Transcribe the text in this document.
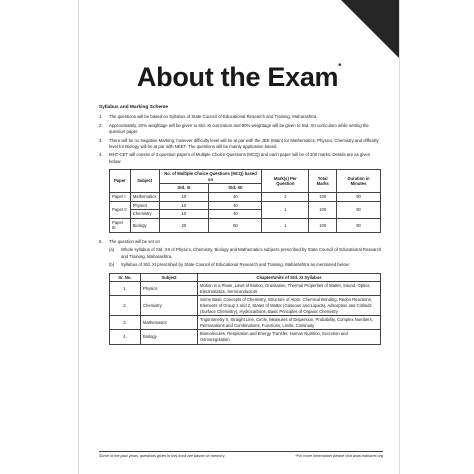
About the Exam*
Syllabus and Marking Scheme
1.	The questions will be based on Syllabus of State Council of Educational Research and Training, Maharashtra.
2.	Approximately, 20% weightage will be given to Std. XI curriculum and 80% weightage will be given to Std. XII curriculum while setting the question paper.
3.	There will be no Negative Marking, however difficulty level will be at par with the JEE (Main) for Mathematics, Physics, Chemistry and difficulty level for Biology will be at par with NEET. The questions will be mainly application based.
4.	MHT-CET will consist of 3 question papers of Multiple Choice Questions (MCQ) and each paper will be of 100 marks. Details are as given below:
Paper	Subject	No. of Multiple Choice Questions (MCQ) based on		Mark(s) Per Question	Total Marks	Duration in Minutes
		Std. XI	Std. XII			
Paper I	Mathematics	10	40	2	100	90
Paper II	Physics	10	40	1	100	90
	Chemistry	10	40			
Paper III	Biology	20	80	1	100	90
5.	The question will be set on
(a)	Whole syllabus of Std. XII of Physics, Chemistry, Biology and Mathematics subjects prescribed by State Council of Educational Research and Training, Maharashtra.
(b)	Syllabus of Std. XI prescribed by State Council of Educational Research and Training, Maharashtra as mentioned below:
Sr. No.	Subject	Chapter/Units of Std. XI Syllabus
1.	Physics	Motion in a Plane, Laws of Motion, Gravitation, Thermal Properties of Matter, Sound, Optics, Electrostatics, Semiconductors
2.	Chemistry	Some Basic Concepts of Chemistry, Structure of Atom, Chemical Bonding, Redox Reactions, Elements of Group 1 and 2, States of Matter (Gaseous and Liquids), Adsorption and Colloids (Surface Chemistry), Hydrocarbons, Basic Principles of Organic Chemistry
3.	Mathematics	Trigonometry II, Straight Line, Circle, Measures of Dispersion, Probability, Complex Numbers, Permutations and Combinations, Functions, Limits, Continuity
4.	Biology	Biomolecules, Respiration and Energy Transfer, Human Nutrition, Excretion and Osmoregulation
Some of the past years' questions given in this book are based on memory.	*For more information please visit www.mahacet.org
